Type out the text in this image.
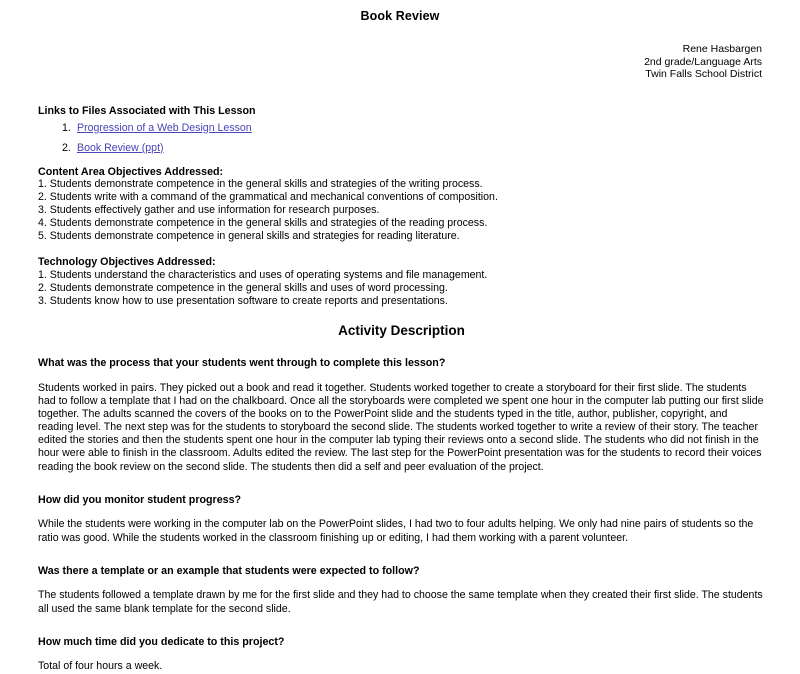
Book Review
Rene Hasbargen
2nd grade/Language Arts
Twin Falls School District
Links to Files Associated with This Lesson
1. Progression of a Web Design Lesson
2. Book Review (ppt)
Content Area Objectives Addressed:
1. Students demonstrate competence in the general skills and strategies of the writing process.
2. Students write with a command of the grammatical and mechanical conventions of composition.
3. Students effectively gather and use information for research purposes.
4. Students demonstrate competence in the general skills and strategies of the reading process.
5. Students demonstrate competence in general skills and strategies for reading literature.
Technology Objectives Addressed:
1. Students understand the characteristics and uses of operating systems and file management.
2. Students demonstrate competence in the general skills and uses of word processing.
3. Students know how to use presentation software to create reports and presentations.
Activity Description
What was the process that your students went through to complete this lesson?
Students worked in pairs. They picked out a book and read it together. Students worked together to create a storyboard for their first slide. The students had to follow a template that I had on the chalkboard. Once all the storyboards were completed we spent one hour in the computer lab putting our first slide together. The adults scanned the covers of the books on to the PowerPoint slide and the students typed in the title, author, publisher, copyright, and reading level. The next step was for the students to storyboard the second slide. The students worked together to write a review of their story. The teacher edited the stories and then the students spent one hour in the computer lab typing their reviews onto a second slide. The students who did not finish in the hour were able to finish in the classroom. Adults edited the review. The last step for the PowerPoint presentation was for the students to record their voices reading the book review on the second slide. The students then did a self and peer evaluation of the project.
How did you monitor student progress?
While the students were working in the computer lab on the PowerPoint slides, I had two to four adults helping. We only had nine pairs of students so the ratio was good. While the students worked in the classroom finishing up or editing, I had them working with a parent volunteer.
Was there a template or an example that students were expected to follow?
The students followed a template drawn by me for the first slide and they had to choose the same template when they created their first slide. The students all used the same blank template for the second slide.
How much time did you dedicate to this project?
Total of four hours a week.
